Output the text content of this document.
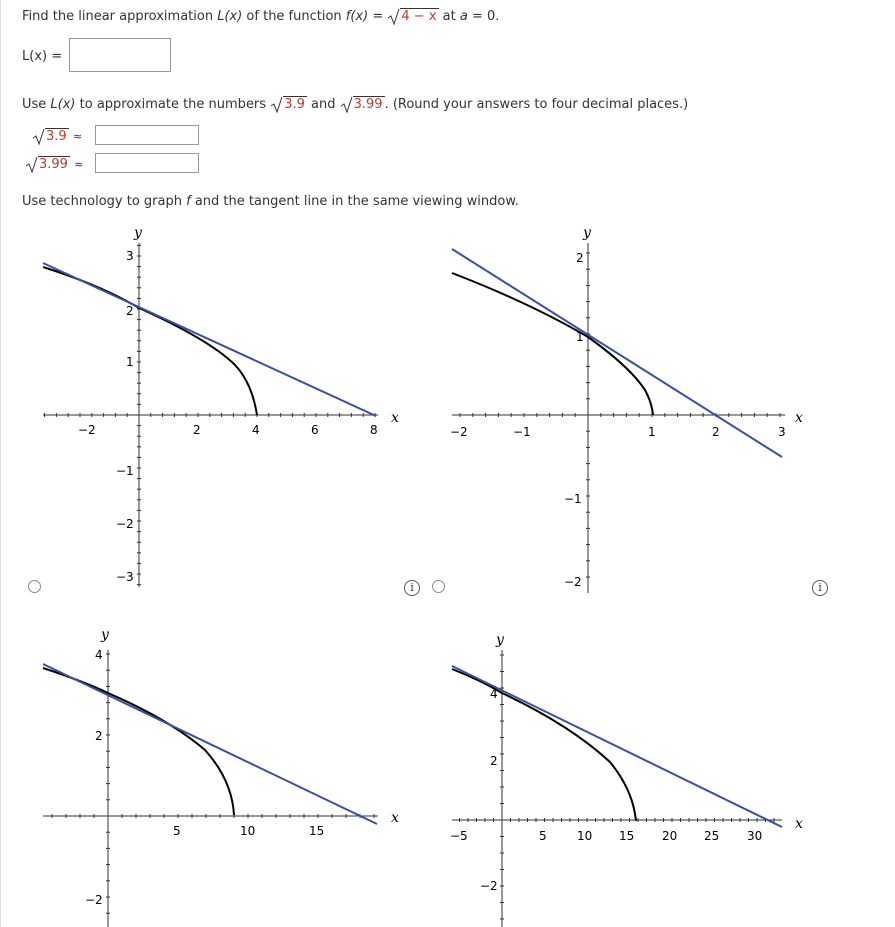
Find the linear approximation L(x) of the function f(x) =
4 − x at a = 0.
L(x) =
Use L(x) to approximate the numbers
3.9 and
3.99 . (Round your answers to four decimal places.)
3.9 ≈
3.99 ≈
Use technology to graph f and the tangent line in the same viewing window.
y
x
−2	2	4	6	8
3
2
1
−1
−2
−3
y
x
−2	−1	1	2	3
2
1
−1
−2
i	i
y
x
5	10	15
4
2
−2
y
x
−5	5	10 15 20 25 30
4
2
−2
